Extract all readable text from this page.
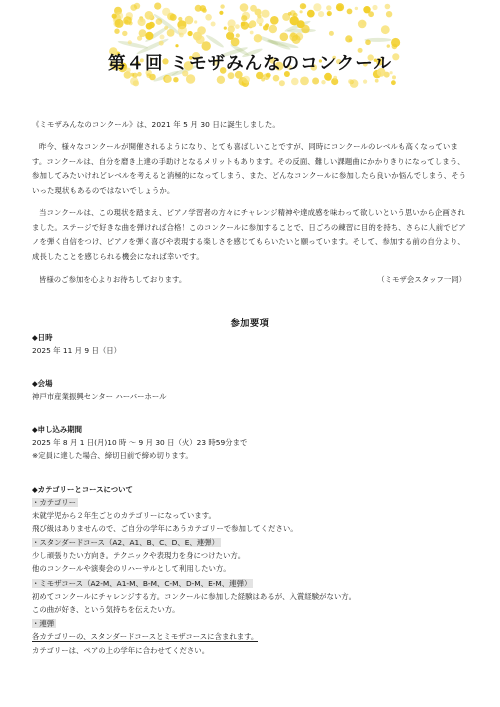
第４回 ミモザみんなのコンクール

《ミモザみんなのコンクール》は、2021 年 5 月 30 日に誕生しました。

昨今、様々なコンクールが開催されるようになり、とても喜ばしいことですが、同時にコンクールのレベルも高くなっています。コンクールは、自分を磨き上達の手助けとなるメリットもあります。その反面、難しい課題曲にかかりきりになってしまう、参加してみたいけれどレベルを考えると消極的になってしまう、また、どんなコンクールに参加したら良いか悩んでしまう、そういった現状もあるのではないでしょうか。

当コンクールは、この現状を踏まえ、ピアノ学習者の方々にチャレンジ精神や達成感を味わって欲しいという思いから企画されました。ステージで好きな曲を弾ければ合格！このコンクールに参加することで、日ごろの練習に目的を持ち、さらに人前でピアノを弾く自信をつけ、ピアノを弾く喜びや表現する楽しさを感じてもらいたいと願っています。そして、参加する前の自分より、成長したことを感じられる機会になれば幸いです。

皆様のご参加を心よりお待ちしております。	（ミモザ会スタッフ一同）
参加要項
◆日時
2025 年 11 月 9 日（日）
◆会場
神戸市産業振興センター ハーバーホール
◆申し込み期間
2025 年 8 月 1 日(月)10 時 ～ 9 月 30 日（火）23 時59分まで
※定員に達した場合、締切日前で締め切ります。
◆カテゴリーとコースについて
・カテゴリー
未就学児から２年生ごとのカテゴリーになっています。
飛び級はありませんので、ご自分の学年にあうカテゴリーで参加してください。
・スタンダードコース（A2、A1、B、C、D、E、連弾）
少し頑張りたい方向き。テクニックや表現力を身につけたい方。
他のコンクールや演奏会のリハーサルとして利用したい方。
・ミモザコース（A2-M、A1-M、B-M、C-M、D-M、E-M、連弾）
初めてコンクールにチャレンジする方。コンクールに参加した経験はあるが、入賞経験がない方。
この曲が好き、という気持ちを伝えたい方。
・連弾
各カテゴリーの、スタンダードコースとミモザコースに含まれます。
カテゴリーは、ペアの上の学年に合わせてください。
